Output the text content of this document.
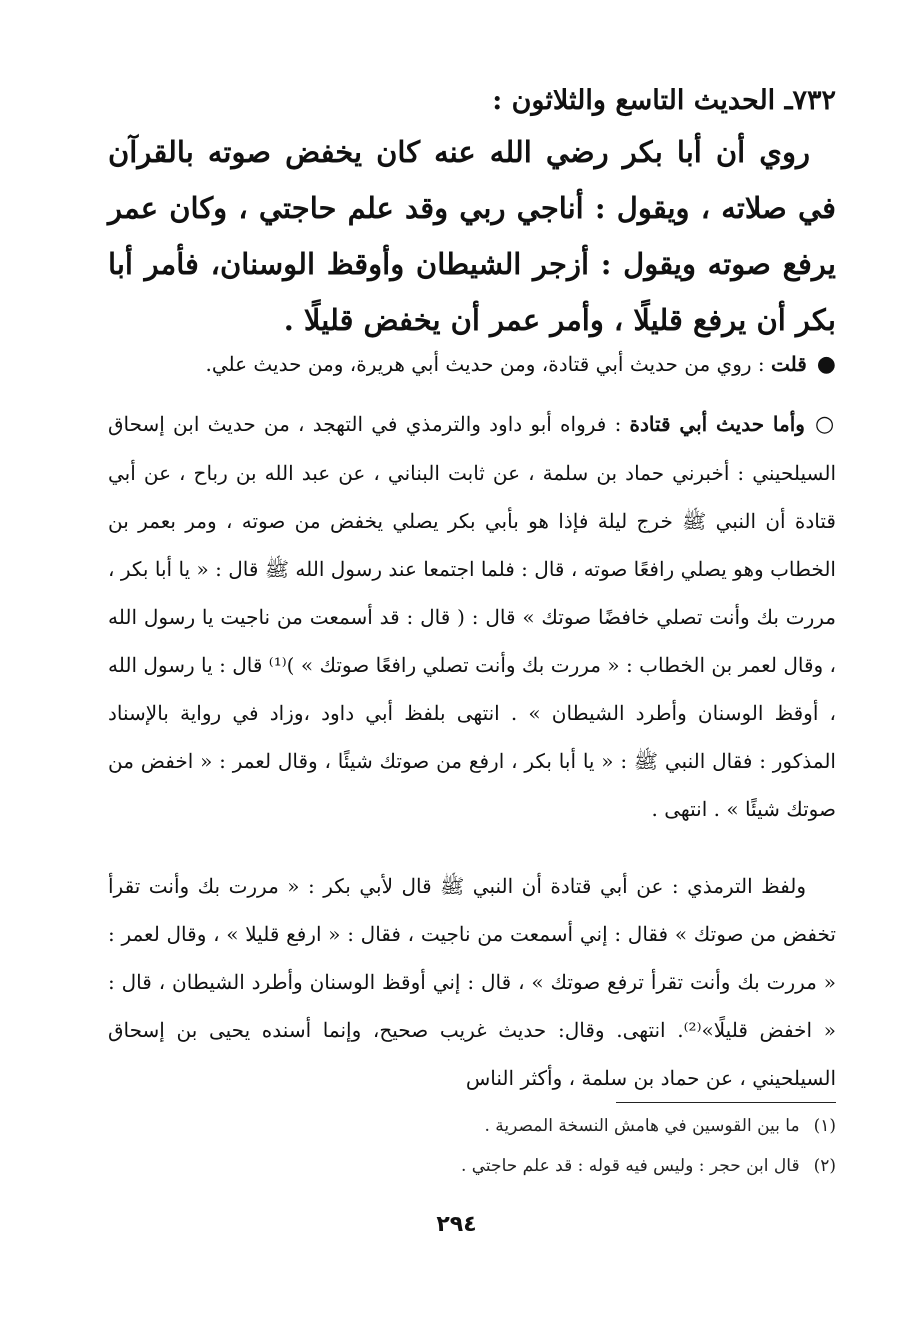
٧٣٢ـ الحديث التاسع والثلاثون :
روي أن أبا بكر رضي الله عنه كان يخفض صوته بالقرآن في صلاته ، ويقول : أناجي ربي وقد علم حاجتي ، وكان عمر يرفع صوته ويقول : أزجر الشيطان وأوقظ الوسنان، فأمر أبا بكر أن يرفع قليلًا ، وأمر عمر أن يخفض قليلًا .
●قلت : روي من حديث أبي قتادة، ومن حديث أبي هريرة، ومن حديث علي.
○وأما حديث أبي قتادة : فرواه أبو داود والترمذي في التهجد ، من حديث ابن إسحاق السيلحيني : أخبرني حماد بن سلمة ، عن ثابت البناني ، عن عبد الله بن رباح ، عن أبي قتادة أن النبي ﷺ خرج ليلة فإذا هو بأبي بكر يصلي يخفض من صوته ، ومر بعمر بن الخطاب وهو يصلي رافعًا صوته ، قال : فلما اجتمعا عند رسول الله ﷺ قال : « يا أبا بكر ، مررت بك وأنت تصلي خافضًا صوتك » قال : ( قال : قد أسمعت من ناجيت يا رسول الله ، وقال لعمر بن الخطاب : « مررت بك وأنت تصلي رافعًا صوتك » )⁽¹⁾ قال : يا رسول الله ، أوقظ الوسنان وأطرد الشيطان » . انتهى بلفظ أبي داود ،وزاد في رواية بالإسناد المذكور : فقال النبي ﷺ : « يا أبا بكر ، ارفع من صوتك شيئًا ، وقال لعمر : « اخفض من صوتك شيئًا » . انتهى .
ولفظ الترمذي : عن أبي قتادة أن النبي ﷺ قال لأبي بكر : « مررت بك وأنت تقرأ تخفض من صوتك » فقال : إني أسمعت من ناجيت ، فقال : « ارفع قليلا » ، وقال لعمر : « مررت بك وأنت تقرأ ترفع صوتك » ، قال : إني أوقظ الوسنان وأطرد الشيطان ، قال : « اخفض قليلًا»⁽²⁾. انتهى. وقال: حديث غريب صحيح، وإنما أسنده يحيى بن إسحاق السيلحيني ، عن حماد بن سلمة ، وأكثر الناس
(١)ما بين القوسين في هامش النسخة المصرية .
(٢)قال ابن حجر : وليس فيه قوله : قد علم حاجتي .
٢٩٤
